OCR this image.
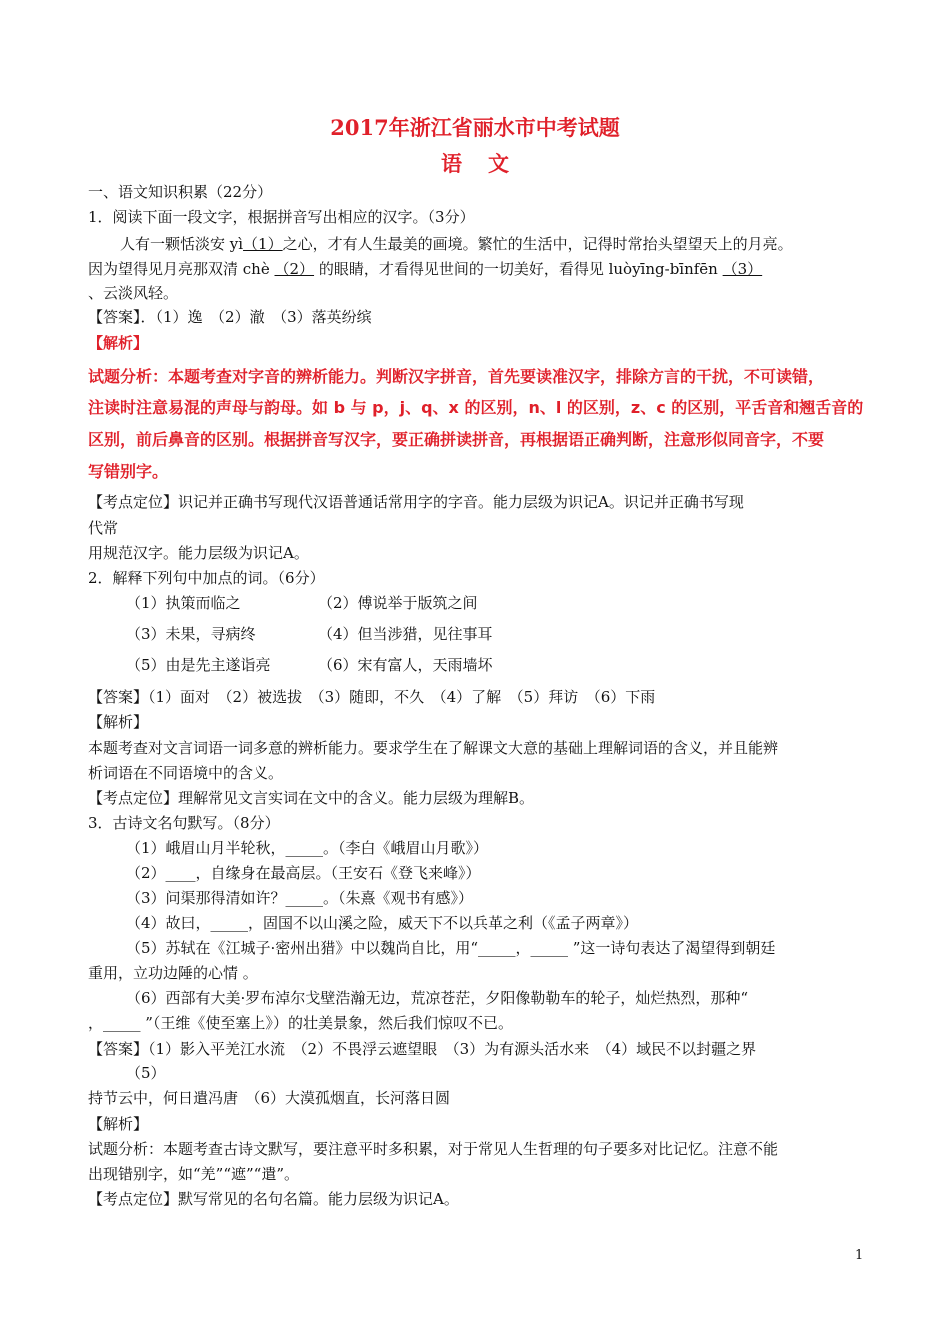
2017年浙江省丽水市中考试题
语文
一、语文知识积累（22分）
1．阅读下面一段文字，根据拼音写出相应的汉字。（3分）
人有一颗恬淡安 yì（1）之心，才有人生最美的画境。繁忙的生活中，记得时常抬头望望天上的月亮。
因为望得见月亮那双清 chè （2） 的眼睛，才看得见世间的一切美好，看得见 luòyīng-bīnfēn （3）
、云淡风轻。
【答案】．（1）逸　（2）澈　（3）落英纷缤
【解析】
试题分析：本题考查对字音的辨析能力。判断汉字拼音，首先要读准汉字，排除方言的干扰，不可读错，
注读时注意易混的声母与韵母。如 b 与 p，j、q、x 的区别，n、l 的区别，z、c 的区别，平舌音和翘舌音的
区别，前后鼻音的区别。根据拼音写汉字，要正确拼读拼音，再根据语正确判断，注意形似同音字，不要
写错别字。
【考点定位】识记并正确书写现代汉语普通话常用字的字音。能力层级为识记A。识记并正确书写现
代常
用规范汉字。能力层级为识记A。
2．解释下列句中加点的词。（6分）
（1）执策而临之	（2）傅说举于版筑之间
（3）未果，寻病终	（4）但当涉猎，见往事耳
（5）由是先主遂诣亮	（6）宋有富人，天雨墙坏
【答案】（1）面对　（2）被选拔　（3）随即，不久　（4）了解　（5）拜访　（6）下雨
【解析】
本题考查对文言词语一词多意的辨析能力。要求学生在了解课文大意的基础上理解词语的含义，并且能辨
析词语在不同语境中的含义。
【考点定位】理解常见文言实词在文中的含义。能力层级为理解B。
3．古诗文名句默写。（8分）
（1）峨眉山月半轮秋，_____。（李白《峨眉山月歌》）
（2）____，自缘身在最高层。（王安石《登飞来峰》）
（3）问渠那得清如许？_____。（朱熹《观书有感》）
（4）故曰，_____，固国不以山溪之险，威天下不以兵革之利（《孟子两章》）
（5）苏轼在《江城子·密州出猎》中以魏尚自比，用“_____，_____ ”这一诗句表达了渴望得到朝廷
重用，立功边陲的心情 。
（6）西部有大美·罗布淖尔戈壁浩瀚无边，荒凉苍茫，夕阳像勒勒车的轮子，灿烂热烈，那种“
，_____ ”（王维《使至塞上》）的壮美景象，然后我们惊叹不已。
【答案】（1）影入平羌江水流　（2）不畏浮云遮望眼　（3）为有源头活水来　（4）域民不以封疆之界
（5）
持节云中，何日遣冯唐　（6）大漠孤烟直，长河落日圆
【解析】
试题分析：本题考查古诗文默写，要注意平时多积累，对于常见人生哲理的句子要多对比记忆。注意不能
出现错别字，如“羌”“遮”“遣”。
【考点定位】默写常见的名句名篇。能力层级为识记A。
1
